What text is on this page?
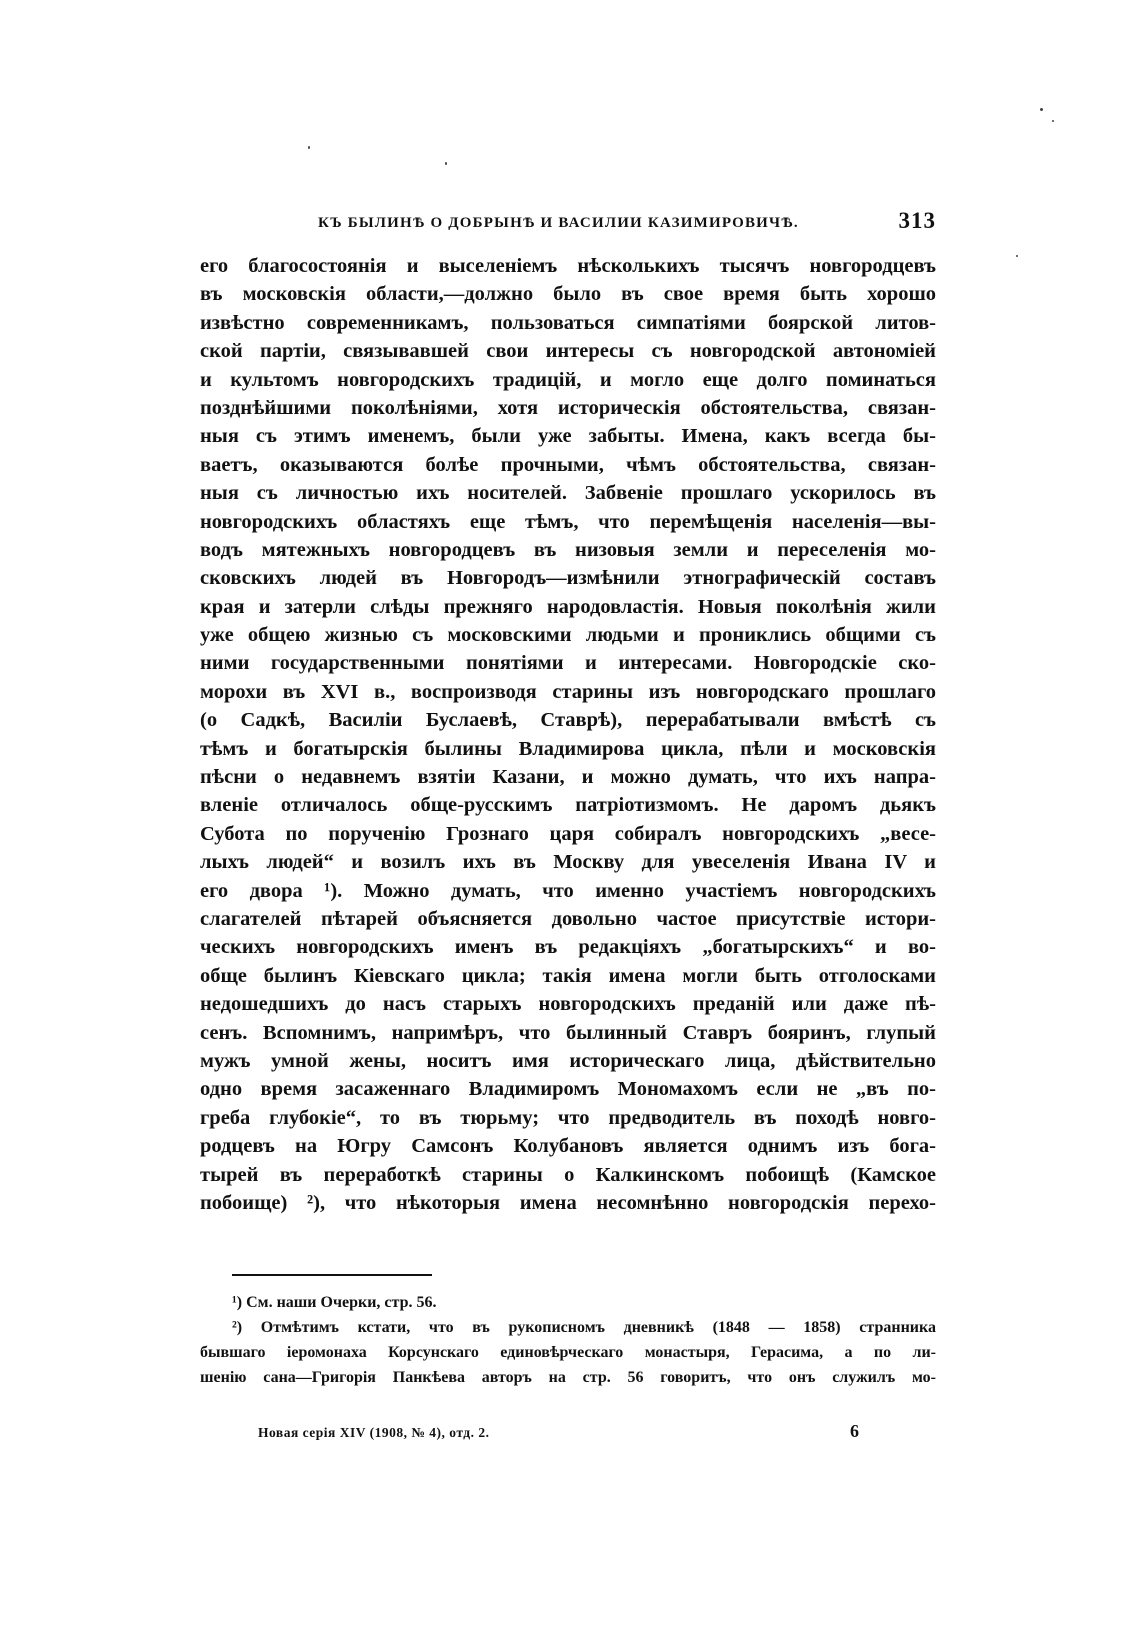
КЪ БЫЛИНѢ О ДОБРЫНѢ И ВАСИЛИИ КАЗИМИРОВИЧѢ.	313
его благосостоянія и выселеніемъ нѣсколькихъ тысячъ новгородцевъ
въ московскія области,—должно было въ свое время быть хорошо
извѣстно современникамъ, пользоваться симпатіями боярской литов-
ской партіи, связывавшей свои интересы съ новгородской автономіей
и культомъ новгородскихъ традицій, и могло еще долго поминаться
позднѣйшими поколѣніями, хотя историческія обстоятельства, связан-
ныя съ этимъ именемъ, были уже забыты. Имена, какъ всегда бы-
ваетъ, оказываются болѣе прочными, чѣмъ обстоятельства, связан-
ныя съ личностью ихъ носителей. Забвеніе прошлаго ускорилось въ
новгородскихъ областяхъ еще тѣмъ, что перемѣщенія населенія—вы-
водъ мятежныхъ новгородцевъ въ низовыя земли и переселенія мо-
сковскихъ людей въ Новгородъ—измѣнили этнографическій составъ
края и затерли слѣды прежняго народовластія. Новыя поколѣнія жили
уже общею жизнью съ московскими людьми и прониклись общими съ
ними государственными понятіями и интересами. Новгородскіе ско-
морохи въ XVI в., воспроизводя старины изъ новгородскаго прошлаго
(о Садкѣ, Василіи Буслаевѣ, Ставрѣ), перерабатывали вмѣстѣ съ
тѣмъ и богатырскія былины Владимирова цикла, пѣли и московскія
пѣсни о недавнемъ взятіи Казани, и можно думать, что ихъ напра-
вленіе отличалось обще-русскимъ патріотизмомъ. Не даромъ дьякъ
Субота по порученію Грознаго царя собиралъ новгородскихъ „весе-
лыхъ людей“ и возилъ ихъ въ Москву для увеселенія Ивана IV и
его двора ¹). Можно думать, что именно участіемъ новгородскихъ
слагателей пѣтарей объясняется довольно частое присутствіе истори-
ческихъ новгородскихъ именъ въ редакціяхъ „богатырскихъ“ и во-
обще былинъ Кіевскаго цикла; такія имена могли быть отголосками
недошедшихъ до насъ старыхъ новгородскихъ преданій или даже пѣ-
сенъ. Вспомнимъ, напримѣръ, что былинный Ставръ бояринъ, глупый
мужъ умной жены, носитъ имя историческаго лица, дѣйствительно
одно время засаженнаго Владимиромъ Мономахомъ если не „въ по-
греба глубокіе“, то въ тюрьму; что предводитель въ походѣ новго-
родцевъ на Югру Самсонъ Колубановъ является однимъ изъ бога-
тырей въ переработкѣ старины о Калкинскомъ побоищѣ (Камское
побоище) ²), что нѣкоторыя имена несомнѣнно новгородскія перехо-
¹) См. наши Очерки, стр. 56.
²) Отмѣтимъ кстати, что въ рукописномъ дневникѣ (1848 — 1858) странника
бывшаго іеромонаха Корсунскаго единовѣрческаго монастыря, Герасима, а по ли-
шенію сана—Григорія Панкѣева авторъ на стр. 56 говоритъ, что онъ служилъ мо-
Новая серія XIV (1908, № 4), отд. 2.	6
